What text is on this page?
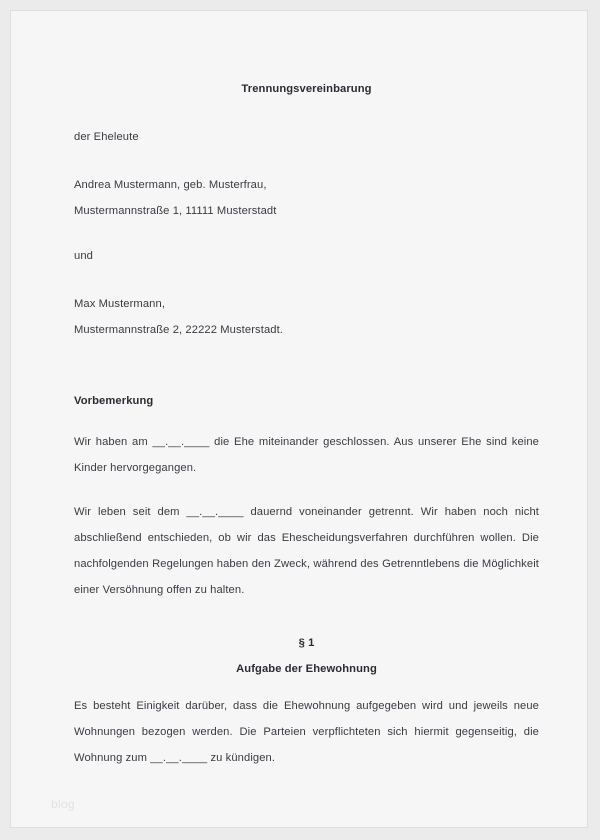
Trennungsvereinbarung
der Eheleute
Andrea Mustermann, geb. Musterfrau,
Mustermannstraße 1, 11111 Musterstadt
und
Max Mustermann,
Mustermannstraße 2, 22222 Musterstadt.
Vorbemerkung
Wir haben am __.__.____ die Ehe miteinander geschlossen. Aus unserer Ehe sind keine Kinder hervorgegangen.
Wir leben seit dem __.__.____ dauernd voneinander getrennt. Wir haben noch nicht abschließend entschieden, ob wir das Ehescheidungsverfahren durchführen wollen. Die nachfolgenden Regelungen haben den Zweck, während des Getrenntlebens die Möglichkeit einer Versöhnung offen zu halten.
§ 1
Aufgabe der Ehewohnung
Es besteht Einigkeit darüber, dass die Ehewohnung aufgegeben wird und jeweils neue Wohnungen bezogen werden. Die Parteien verpflichteten sich hiermit gegenseitig, die Wohnung zum __.__.____ zu kündigen.
blog
